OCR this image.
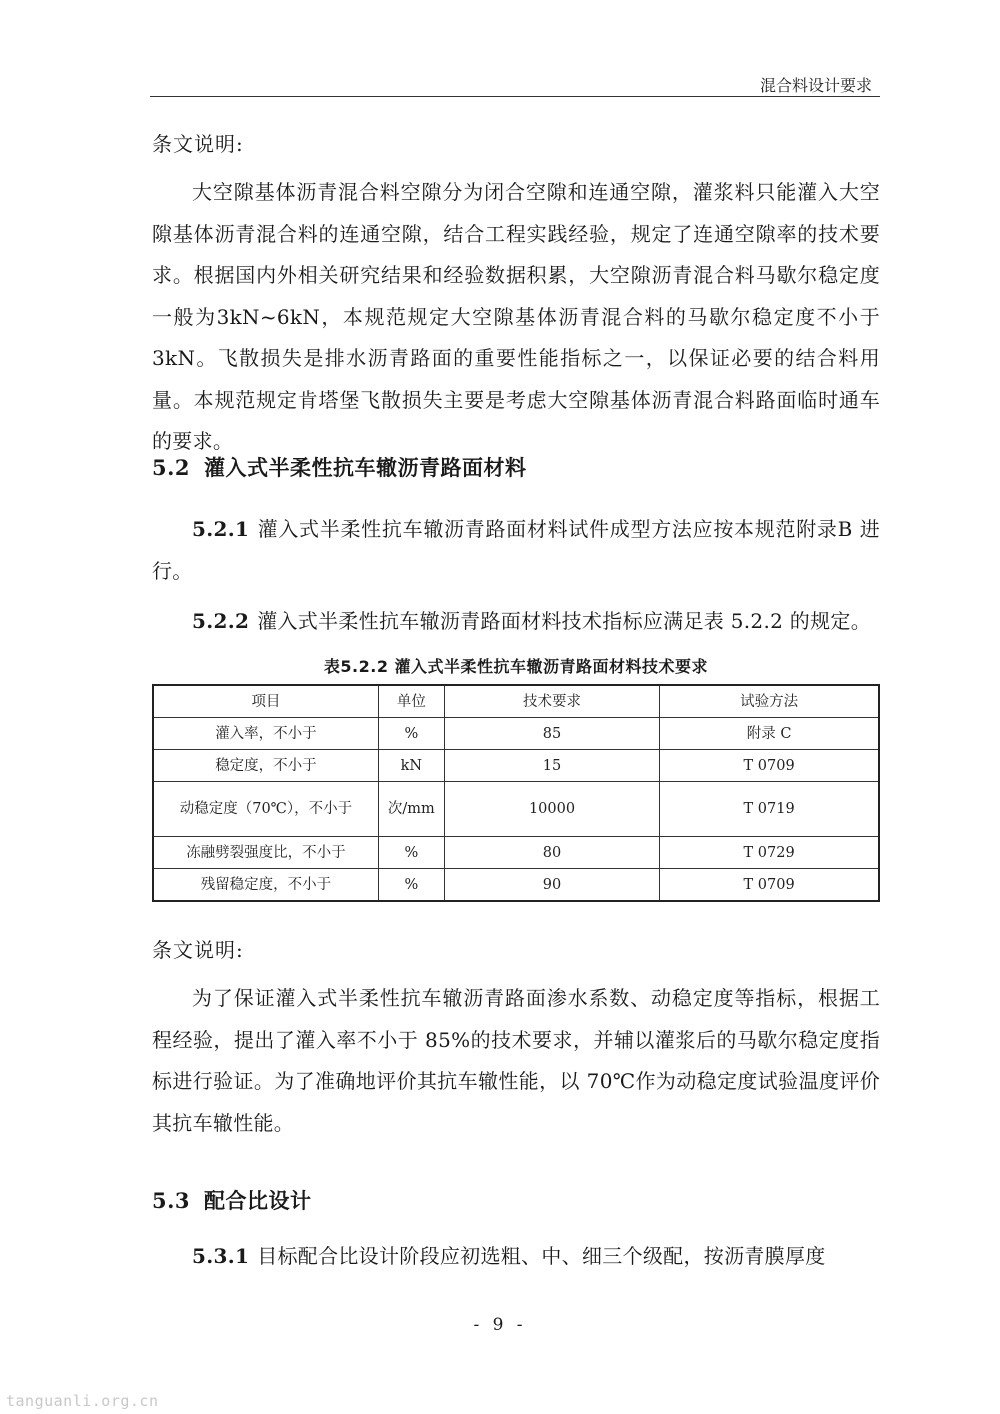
混合料设计要求
条文说明:
大空隙基体沥青混合料空隙分为闭合空隙和连通空隙，灌浆料只能灌入大空隙基体沥青混合料的连通空隙，结合工程实践经验，规定了连通空隙率的技术要求。根据国内外相关研究结果和经验数据积累，大空隙沥青混合料马歇尔稳定度一般为3kN~6kN，本规范规定大空隙基体沥青混合料的马歇尔稳定度不小于 3kN。飞散损失是排水沥青路面的重要性能指标之一，以保证必要的结合料用量。本规范规定肯塔堡飞散损失主要是考虑大空隙基体沥青混合料路面临时通车的要求。
5.2 灌入式半柔性抗车辙沥青路面材料
5.2.1 灌入式半柔性抗车辙沥青路面材料试件成型方法应按本规范附录B 进行。
5.2.2 灌入式半柔性抗车辙沥青路面材料技术指标应满足表 5.2.2 的规定。
表5.2.2 灌入式半柔性抗车辙沥青路面材料技术要求
项目	单位	技术要求	试验方法
灌入率，不小于	%	85	附录 C
稳定度，不小于	kN	15	T 0709
动稳定度（70℃），不小于	次/mm	10000	T 0719
冻融劈裂强度比，不小于	%	80	T 0729
残留稳定度，不小于	%	90	T 0709
条文说明:
为了保证灌入式半柔性抗车辙沥青路面渗水系数、动稳定度等指标，根据工程经验，提出了灌入率不小于 85%的技术要求，并辅以灌浆后的马歇尔稳定度指标进行验证。为了准确地评价其抗车辙性能，以 70℃作为动稳定度试验温度评价其抗车辙性能。
5.3 配合比设计
5.3.1 目标配合比设计阶段应初选粗、中、细三个级配，按沥青膜厚度
- 9 -
tanguanli.org.cn
